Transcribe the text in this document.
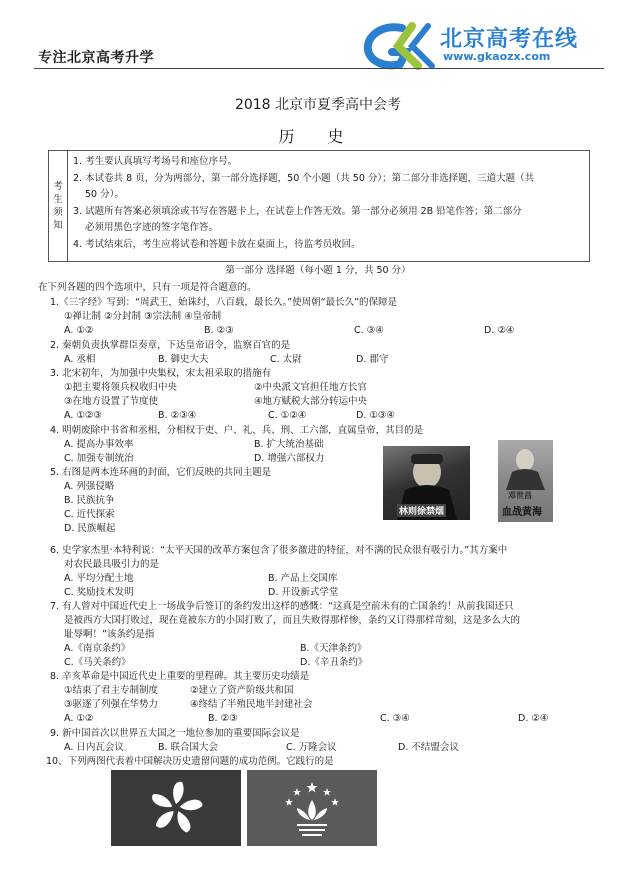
专注北京高考升学
北京高考在线
www.gkaozx.com
2018 北京市夏季高中会考
历 史
考
生
须
知
1. 考生要认真填写考场号和座位序号。
2. 本试卷共 8 页，分为两部分，第一部分选择题，50 个小题（共 50 分）；第二部分非选择题，三道大题（共
50 分）。
3. 试题所有答案必须填涂或书写在答题卡上，在试卷上作答无效。第一部分必须用 2B 铅笔作答；第二部分
必须用黑色字迹的签字笔作答。
4. 考试结束后，考生应将试卷和答题卡放在桌面上，待监考员收回。
第一部分 选择题（每小题 1 分，共 50 分）
在下列各题的四个选项中，只有一项是符合题意的。
1.《三字经》写到：“周武王，始诛纣，八百载，最长久。”使周朝“最长久”的保障是
①禅让制 ②分封制 ③宗法制 ④皇帝制
A. ①②	B. ②③	C. ③④	D. ②④
2. 秦朝负责执掌群臣奏章，下达皇帝诏令，监察百官的是
A. 丞相	B. 御史大夫	C. 太尉	D. 郡守
3. 北宋初年，为加强中央集权，宋太祖采取的措施有
①把主要将领兵权收归中央	②中央派文官担任地方长官
③在地方设置了节度使	④地方赋税大部分转运中央
A. ①②③	B. ②③④	C. ①②④	D. ①③④
4. 明朝废除中书省和丞相，分相权于吏、户、礼、兵、刑、工六部，直属皇帝，其目的是
A. 提高办事效率	B. 扩大统治基础
C. 加强专制统治	D. 增强六部权力
5. 右图是两本连环画的封面，它们反映的共同主题是
A. 列强侵略
B. 民族抗争
C. 近代探索
D. 民族崛起
林则徐禁烟
邓世昌
血战黄海
6. 史学家杰里·本特利说：“太平天国的改革方案包含了很多激进的特征，对不满的民众很有吸引力。”其方案中
对农民最具吸引力的是
A. 平均分配土地	B. 产品上交国库
C. 奖励技术发明	D. 开设新式学堂
7. 有人曾对中国近代史上一场战争后签订的条约发出这样的感慨：“这真是空前未有的亡国条约！从前我国还只
是被西方大国打败过，现在竟被东方的小国打败了，而且失败得那样惨，条约又订得那样苛刻，这是多么大的
耻辱啊！”该条约是指
A.《南京条约》	B.《天津条约》
C.《马关条约》	D.《辛丑条约》
8. 辛亥革命是中国近代史上重要的里程碑。其主要历史功绩是
①结束了君主专制制度	②建立了资产阶级共和国
③驱逐了列强在华势力	④终结了半殖民地半封建社会
A. ①②	B. ②③	C. ③④	D. ②④
9. 新中国首次以世界五大国之一地位参加的重要国际会议是
A. 日内瓦会议	B. 联合国大会	C. 万隆会议	D. 不结盟会议
10、下列两图代表着中国解决历史遗留问题的成功范例。它践行的是
